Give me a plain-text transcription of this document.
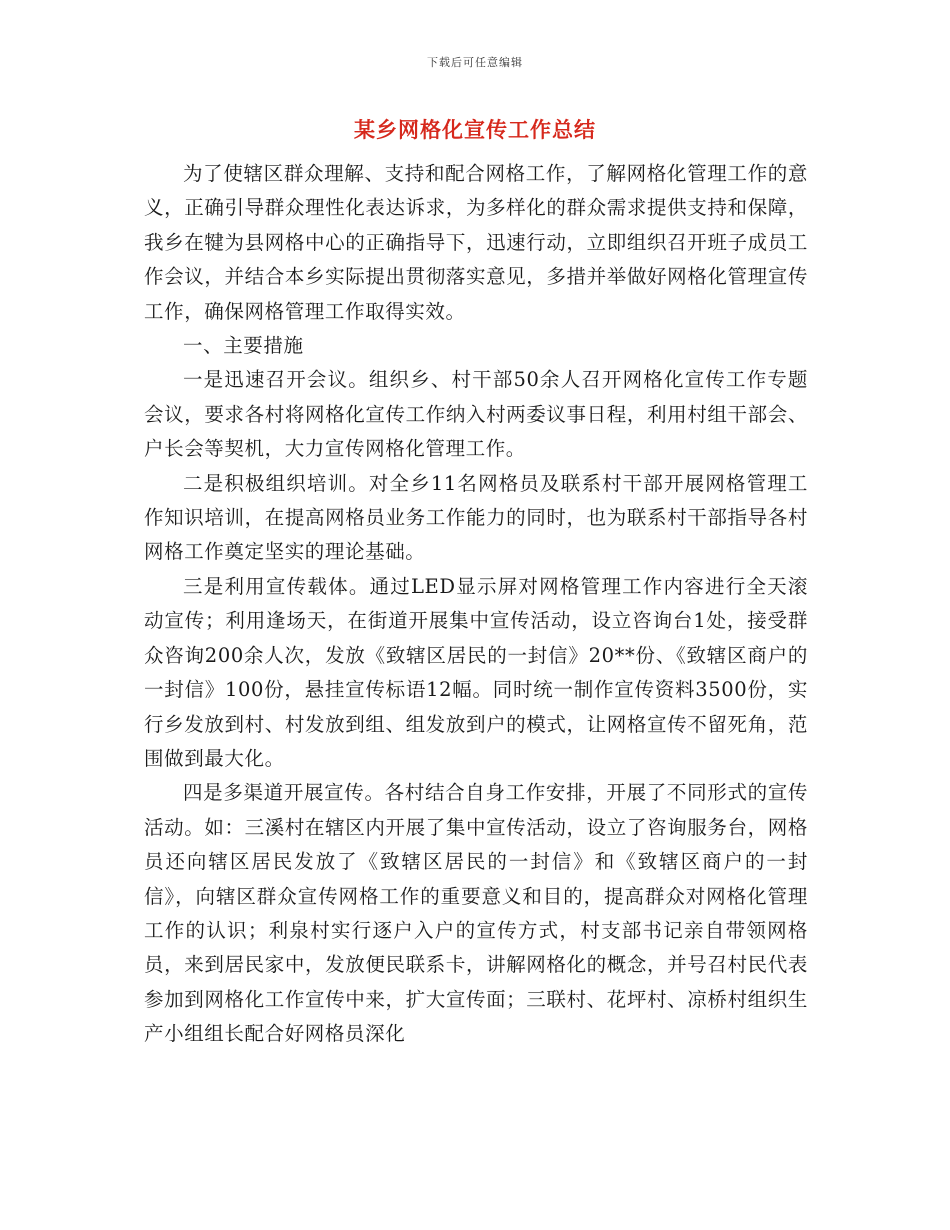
下载后可任意编辑
某乡网格化宣传工作总结

为了使辖区群众理解、支持和配合网格工作，了解网格化管理工作的意义，正确引导群众理性化表达诉求，为多样化的群众需求提供支持和保障，我乡在犍为县网格中心的正确指导下，迅速行动，立即组织召开班子成员工作会议，并结合本乡实际提出贯彻落实意见，多措并举做好网格化管理宣传工作，确保网格管理工作取得实效。

一、主要措施

一是迅速召开会议。组织乡、村干部50余人召开网格化宣传工作专题会议，要求各村将网格化宣传工作纳入村两委议事日程，利用村组干部会、户长会等契机，大力宣传网格化管理工作。

二是积极组织培训。对全乡11名网格员及联系村干部开展网格管理工作知识培训，在提高网格员业务工作能力的同时，也为联系村干部指导各村网格工作奠定坚实的理论基础。

三是利用宣传载体。通过LED显示屏对网格管理工作内容进行全天滚动宣传；利用逢场天，在街道开展集中宣传活动，设立咨询台1处，接受群众咨询200余人次，发放《致辖区居民的一封信》20**份、《致辖区商户的一封信》100份，悬挂宣传标语12幅。同时统一制作宣传资料3500份，实行乡发放到村、村发放到组、组发放到户的模式，让网格宣传不留死角，范围做到最大化。

四是多渠道开展宣传。各村结合自身工作安排，开展了不同形式的宣传活动。如：三溪村在辖区内开展了集中宣传活动，设立了咨询服务台，网格员还向辖区居民发放了《致辖区居民的一封信》和《致辖区商户的一封信》，向辖区群众宣传网格工作的重要意义和目的，提高群众对网格化管理工作的认识；利泉村实行逐户入户的宣传方式，村支部书记亲自带领网格员，来到居民家中，发放便民联系卡，讲解网格化的概念，并号召村民代表参加到网格化工作宣传中来，扩大宣传面；三联村、花坪村、凉桥村组织生产小组组长配合好网格员深化
